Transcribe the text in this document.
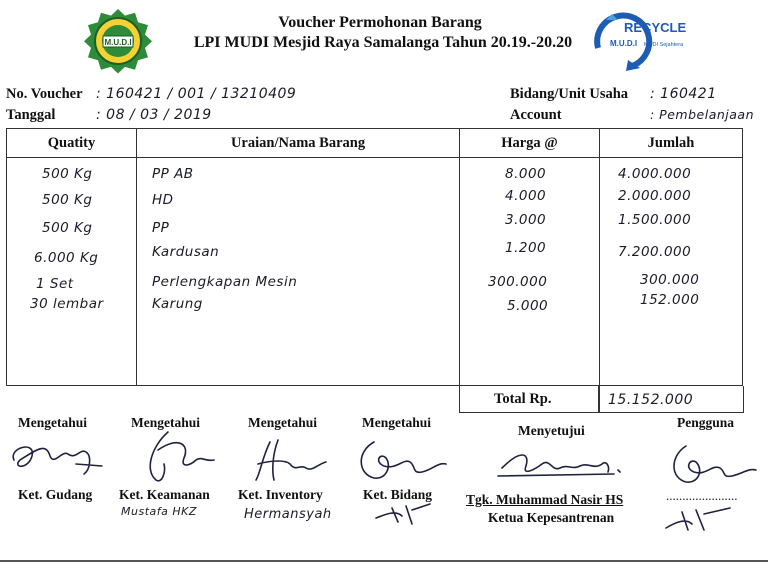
M.U.D.I
RECYCLE
M.U.D.I MUDI Sejahtera
Voucher Permohonan Barang
LPI MUDI Mesjid Raya Samalanga Tahun 20.19.-20.20
No. Voucher : 160421 / 001 / 13210409
Tanggal	: 08 / 03 / 2019
Bidang/Unit Usaha : 160421
Account	: Pembelanjaan
Quatity	Uraian/Nama Barang	Harga @	Jumlah

500 Kg	PP AB	8.000	4.000.000
500 Kg	HD	4.000	2.000.000
500 Kg	PP	3.000	1.500.000
6.000 Kg	Kardusan	1.200	7.200.000
1 Set	Perlengkapan Mesin	300.000	300.000
30 lembar	Karung	5.000	152.000
Total Rp.	15.152.000
Mengetahui
Ket. Gudang
Mengetahui
Ket. Keamanan
Mustafa HKZ
Mengetahui
Ket. Inventory
Hermansyah
Mengetahui
Ket. Bidang
Menyetujui
Tgk. Muhammad Nasir HS
Ketua Kepesantrenan
Pengguna
......................
